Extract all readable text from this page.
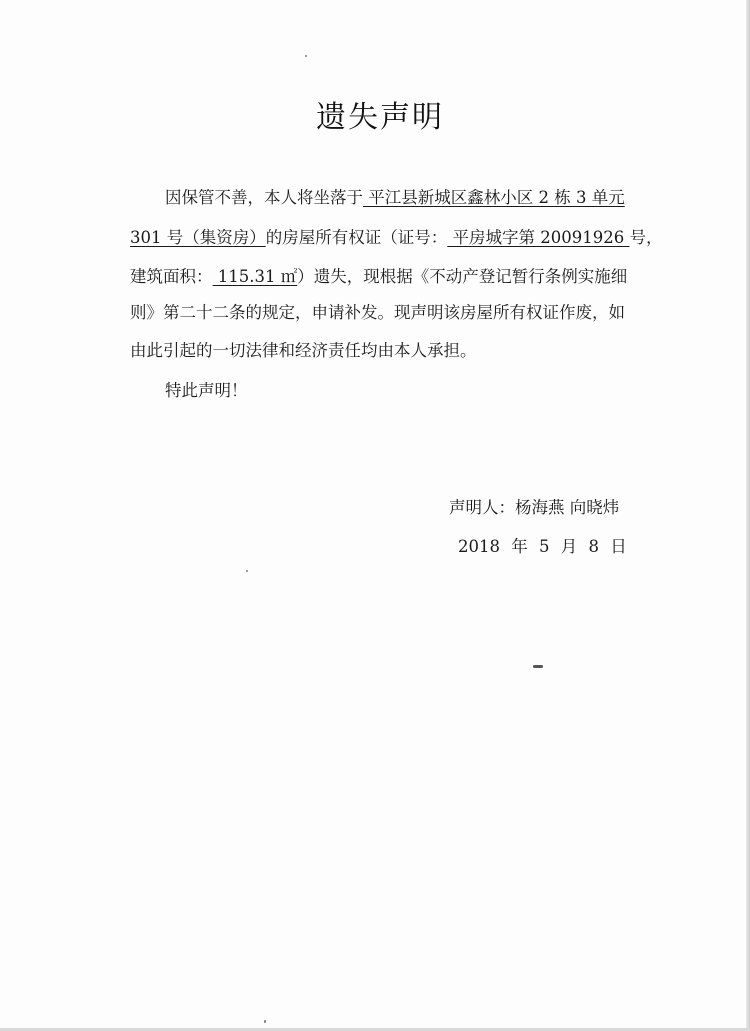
遗失声明
因保管不善，本人将坐落于 平江县新城区鑫林小区 2 栋 3 单元
301 号（集资房）的房屋所有权证（证号： 平房城字第 20091926 号，
建筑面积： 115.31 ㎡）遗失，现根据《不动产登记暂行条例实施细
则》第二十二条的规定，申请补发。现声明该房屋所有权证作废，如
由此引起的一切法律和经济责任均由本人承担。
特此声明！
声明人：杨海燕 向晓炜
2018 年 5 月 8 日
